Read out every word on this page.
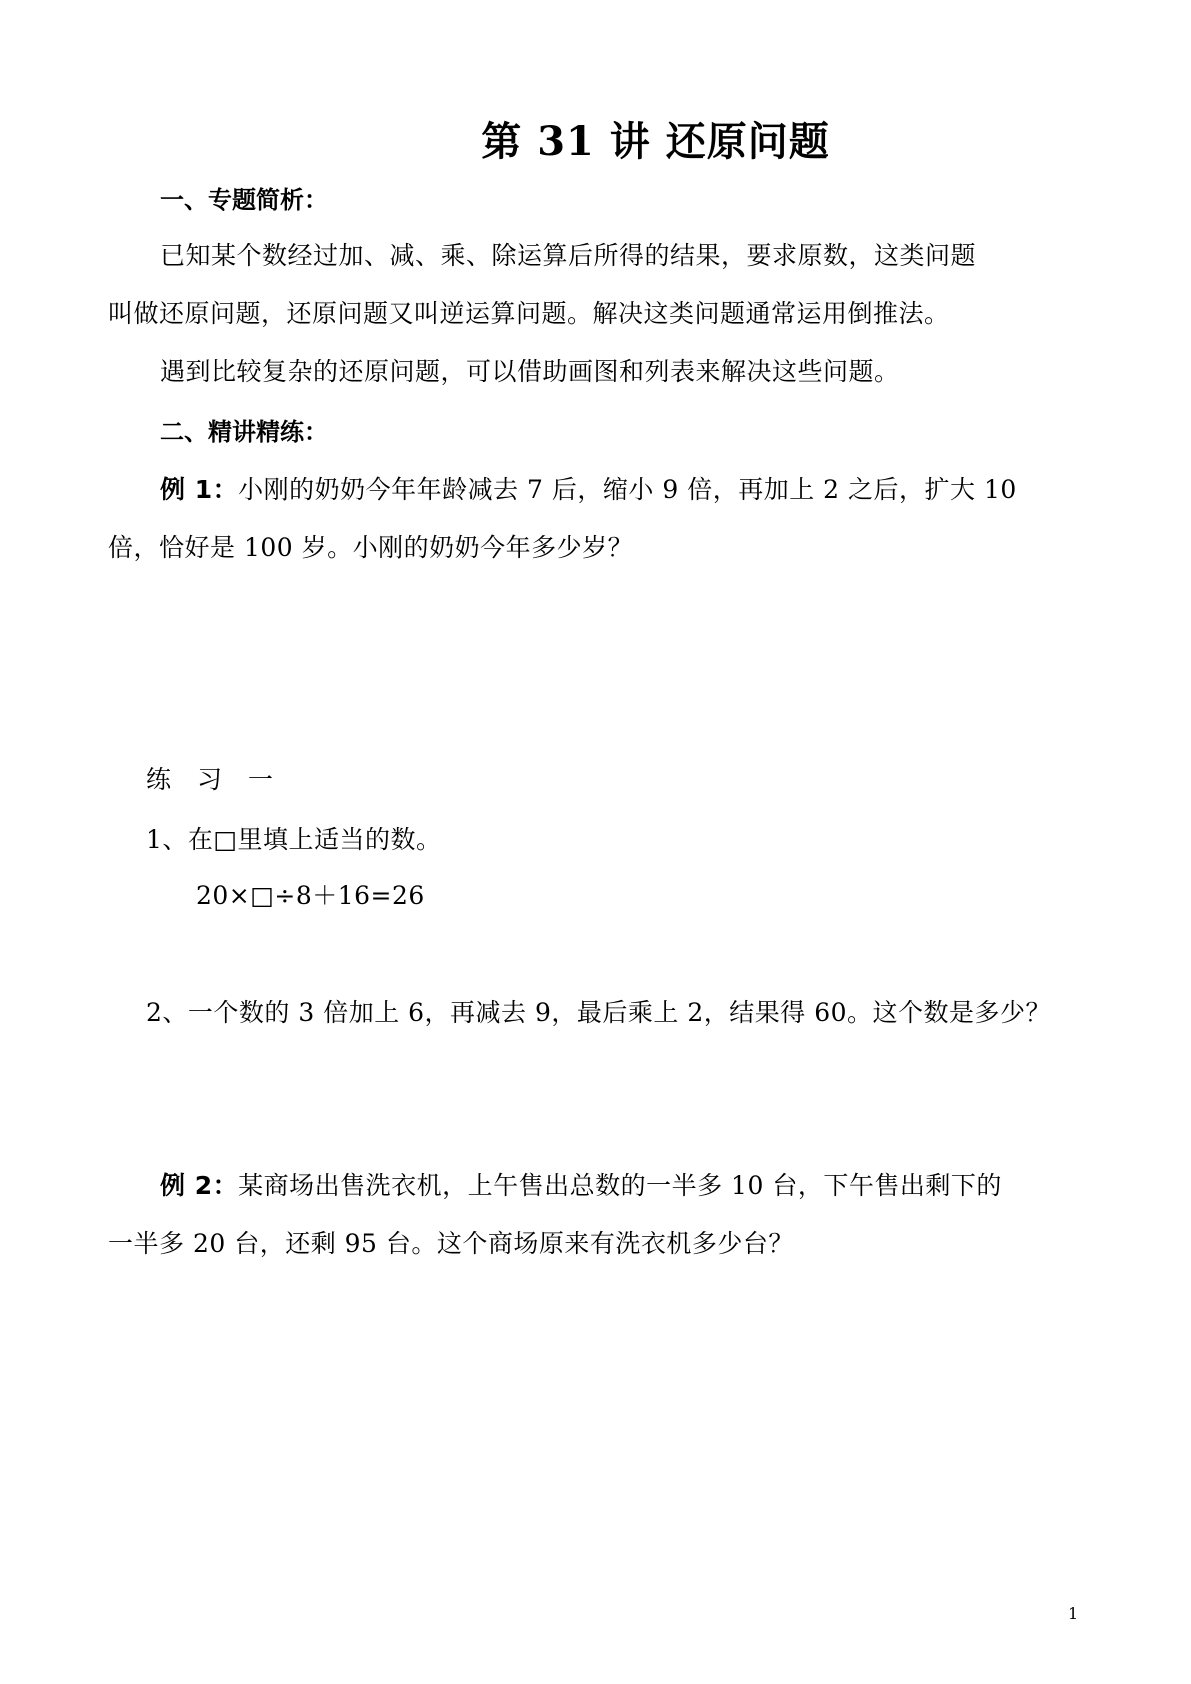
第 31 讲 还原问题
一、专题简析：
已知某个数经过加、减、乘、除运算后所得的结果，要求原数，这类问题
叫做还原问题，还原问题又叫逆运算问题。解决这类问题通常运用倒推法。
遇到比较复杂的还原问题，可以借助画图和列表来解决这些问题。
二、精讲精练：
例 1：小刚的奶奶今年年龄减去 7 后，缩小 9 倍，再加上 2 之后，扩大 10
倍，恰好是 100 岁。小刚的奶奶今年多少岁？
练　习　一
1、在□里填上适当的数。
20×□÷8＋16=26
2、一个数的 3 倍加上 6，再减去 9，最后乘上 2，结果得 60。这个数是多少？
例 2：某商场出售洗衣机，上午售出总数的一半多 10 台，下午售出剩下的
一半多 20 台，还剩 95 台。这个商场原来有洗衣机多少台？
1
